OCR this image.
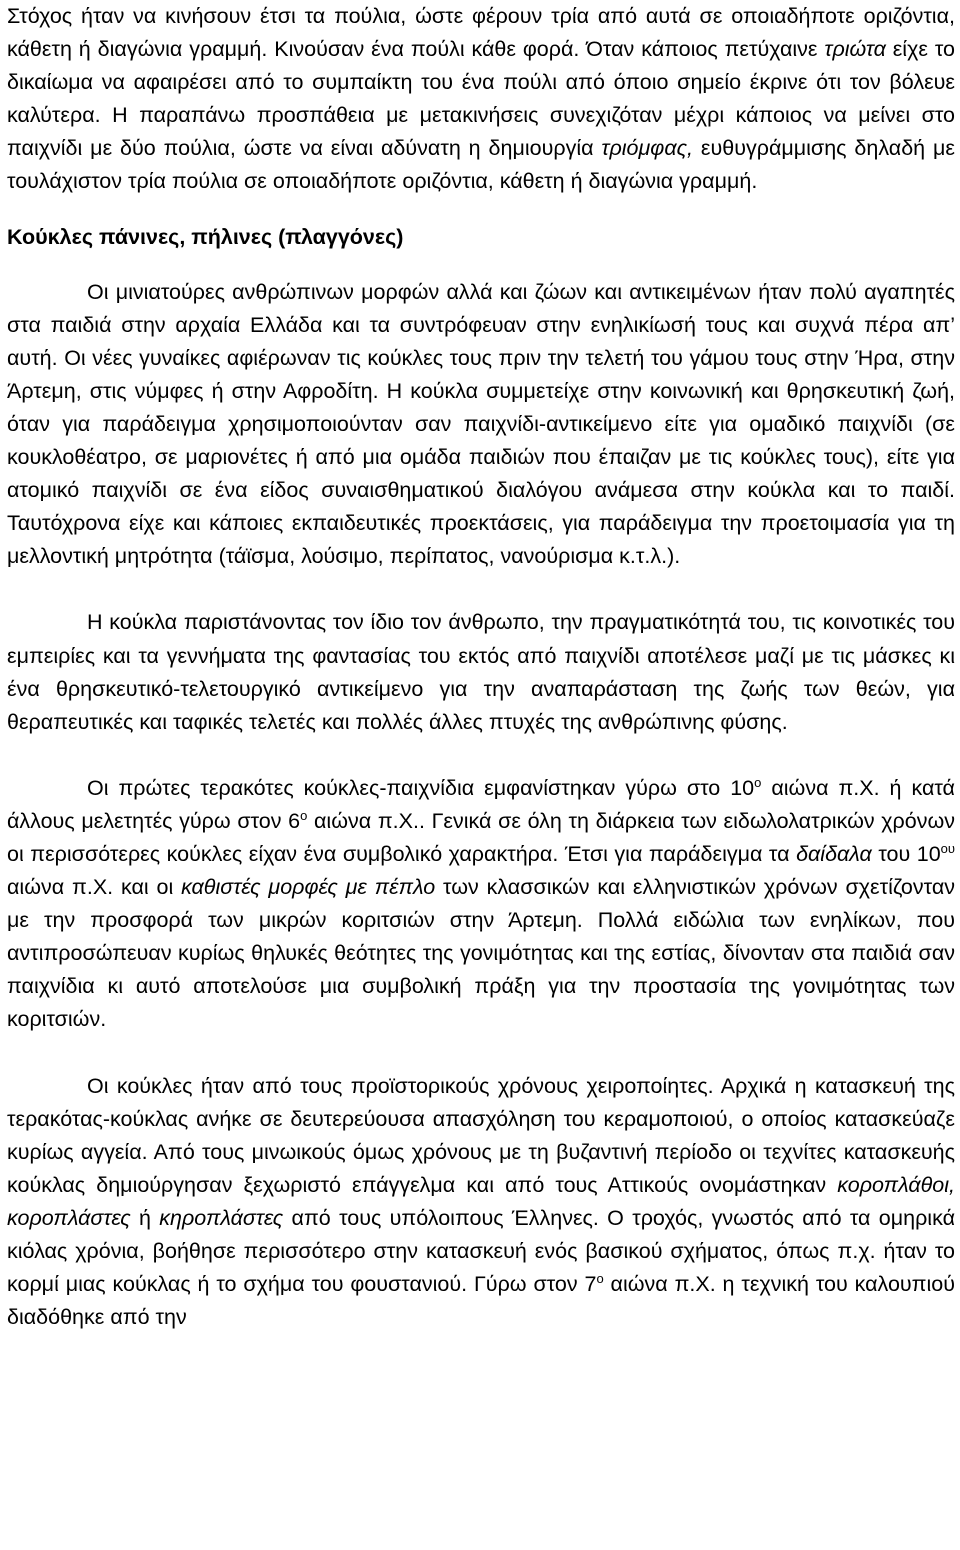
Στόχος ήταν να κινήσουν έτσι τα πούλια, ώστε φέρουν τρία από αυτά σε οποιαδήποτε οριζόντια, κάθετη ή διαγώνια γραμμή. Κινούσαν ένα πούλι κάθε φορά. Όταν κάποιος πετύχαινε τριώτα είχε το δικαίωμα να αφαιρέσει από το συμπαίκτη του ένα πούλι από όποιο σημείο έκρινε ότι τον βόλευε καλύτερα. Η παραπάνω προσπάθεια με μετακινήσεις συνεχιζόταν μέχρι κάποιος να μείνει στο παιχνίδι με δύο πούλια, ώστε να είναι αδύνατη η δημιουργία τριόμφας, ευθυγράμμισης δηλαδή με τουλάχιστον τρία πούλια σε οποιαδήποτε οριζόντια, κάθετη ή διαγώνια γραμμή.

Κούκλες πάνινες, πήλινες (πλαγγόνες)

Οι μινιατούρες ανθρώπινων μορφών αλλά και ζώων και αντικειμένων ήταν πολύ αγαπητές στα παιδιά στην αρχαία Ελλάδα και τα συντρόφευαν στην ενηλικίωσή τους και συχνά πέρα απ’ αυτή. Οι νέες γυναίκες αφιέρωναν τις κούκλες τους πριν την τελετή του γάμου τους στην Ήρα, στην Άρτεμη, στις νύμφες ή στην Αφροδίτη. Η κούκλα συμμετείχε στην κοινωνική και θρησκευτική ζωή, όταν για παράδειγμα χρησιμοποιούνταν σαν παιχνίδι-αντικείμενο είτε για ομαδικό παιχνίδι (σε κουκλοθέατρο, σε μαριονέτες ή από μια ομάδα παιδιών που έπαιζαν με τις κούκλες τους), είτε για ατομικό παιχνίδι σε ένα είδος συναισθηματικού διαλόγου ανάμεσα στην κούκλα και το παιδί. Ταυτόχρονα είχε και κάποιες εκπαιδευτικές προεκτάσεις, για παράδειγμα την προετοιμασία για τη μελλοντική μητρότητα (τάϊσμα, λούσιμο, περίπατος, νανούρισμα κ.τ.λ.).

Η κούκλα παριστάνοντας τον ίδιο τον άνθρωπο, την πραγματικότητά του, τις κοινοτικές του εμπειρίες και τα γεννήματα της φαντασίας του εκτός από παιχνίδι αποτέλεσε μαζί με τις μάσκες κι ένα θρησκευτικό-τελετουργικό αντικείμενο για την αναπαράσταση της ζωής των θεών, για θεραπευτικές και ταφικές τελετές και πολλές άλλες πτυχές της ανθρώπινης φύσης.

Οι πρώτες τερακότες κούκλες-παιχνίδια εμφανίστηκαν γύρω στο $10^o$ αιώνα π.Χ. ή κατά άλλους μελετητές γύρω στον $6^o$ αιώνα π.Χ.. Γενικά σε όλη τη διάρκεια των ειδωλολατρικών χρόνων οι περισσότερες κούκλες είχαν ένα συμβολικό χαρακτήρα. Έτσι για παράδειγμα τα δαίδαλα του $10^{o\upsilon}$ αιώνα π.Χ. και οι καθιστές μορφές με πέπλο των κλασσικών και ελληνιστικών χρόνων σχετίζονταν με την προσφορά των μικρών κοριτσιών στην Άρτεμη. Πολλά ειδώλια των ενηλίκων, που αντιπροσώπευαν κυρίως θηλυκές θεότητες της γονιμότητας και της εστίας, δίνονταν στα παιδιά σαν παιχνίδια κι αυτό αποτελούσε μια συμβολική πράξη για την προστασία της γονιμότητας των κοριτσιών.

Οι κούκλες ήταν από τους προϊστορικούς χρόνους χειροποίητες. Αρχικά η κατασκευή της τερακότας-κούκλας ανήκε σε δευτερεύουσα απασχόληση του κεραμοποιού, ο οποίος κατασκεύαζε κυρίως αγγεία. Από τους μινωικούς όμως χρόνους με τη βυζαντινή περίοδο οι τεχνίτες κατασκευής κούκλας δημιούργησαν ξεχωριστό επάγγελμα και από τους Αττικούς ονομάστηκαν κοροπλάθοι, κοροπλάστες ή κηροπλάστες από τους υπόλοιπους Έλληνες. Ο τροχός, γνωστός από τα ομηρικά κιόλας χρόνια, βοήθησε περισσότερο στην κατασκευή ενός βασικού σχήματος, όπως π.χ. ήταν το κορμί μιας κούκλας ή το σχήμα του φουστανιού. Γύρω στον $7^o$ αιώνα π.Χ. η τεχνική του καλουπιού διαδόθηκε από την
